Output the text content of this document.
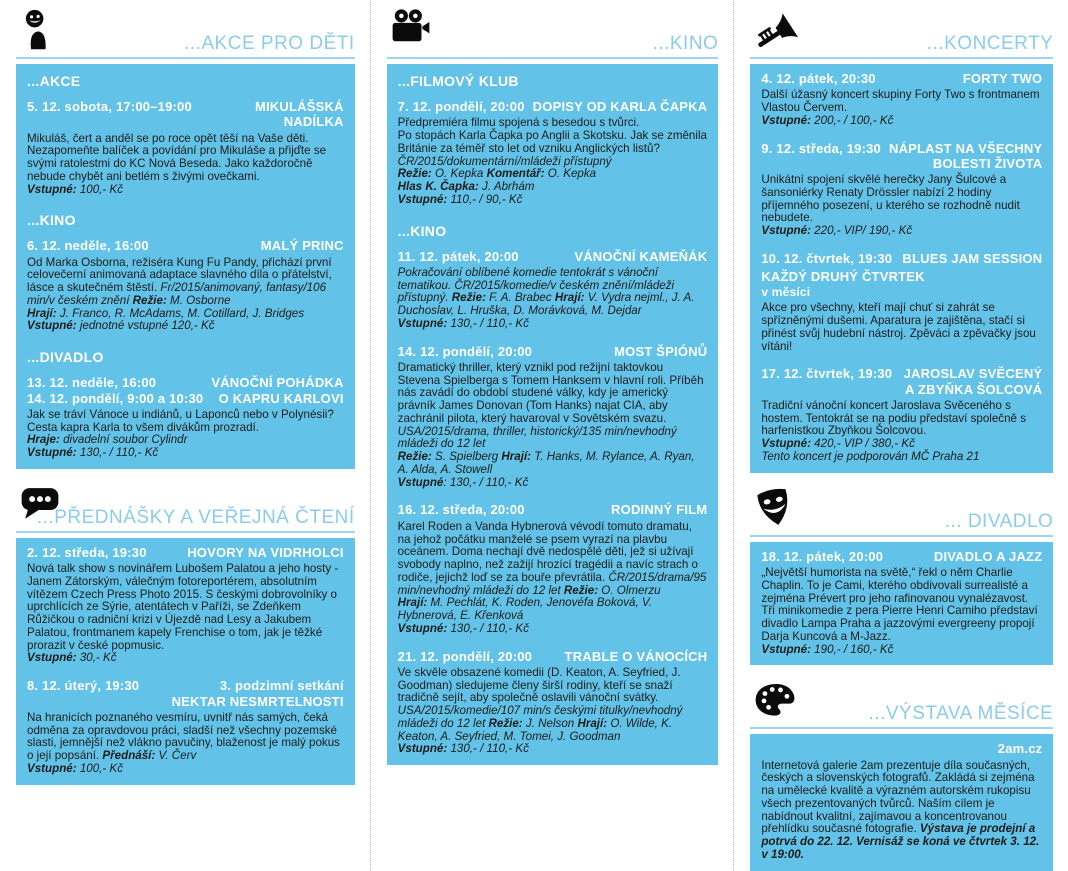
...AKCE PRO DĚTI
...AKCE
5. 12. sobota, 17:00–19:00	MIKULÁŠSKÁ
NADÍLKA

Mikuláš, čert a anděl se po roce opět těší na Vaše děti. Nezapomeňte balíček a povídání pro Mikuláše a přijďte se svými ratolestmi do KC Nová Beseda. Jako každoročně nebude chybět ani betlém s živými ovečkami.

Vstupné: 100,- Kč

...KINO
6. 12. neděle, 16:00	MALÝ PRINC

Od Marka Osborna, režiséra Kung Fu Pandy, přichází první celovečerní animovaná adaptace slavného díla o přátelství, lásce a skutečném štěstí. Fr/2015/animovaný, fantasy/106 min/v českém znění Režie: M. Osborne

Hrají: J. Franco, R. McAdams, M. Cotillard, J. Bridges

Vstupné: jednotné vstupné 120,- Kč

...DIVADLO
13. 12. neděle, 16:00
14. 12. pondělí, 9:00 a 10:30
VÁNOČNÍ POHÁDKA
O KAPRU KARLOVI

Jak se tráví Vánoce u indiánů, u Laponců nebo v Polynésii? Cesta kapra Karla to všem divákům prozradí.

Hraje: divadelní soubor Cylindr

Vstupné: 130,- / 110,- Kč

...PŘEDNÁŠKY A VEŘEJNÁ ČTENÍ
2. 12. středa, 19:30	HOVORY NA VIDRHOLCI

Nová talk show s novinářem Lubošem Palatou a jeho hosty - Janem Zátorským, válečným fotoreportérem, absolutním vítězem Czech Press Photo 2015. S českými dobrovolníky o uprchlících ze Sýrie, atentátech v Paříži, se Zdeňkem Růžičkou o radniční krizi v Újezdě nad Lesy a Jakubem Palatou, frontmanem kapely Frenchise o tom, jak je těžké prorazit v české popmusic.

Vstupné: 30,- Kč

8. 12. úterý, 19:30	3. podzimní setkání
NEKTAR NESMRTELNOSTI

Na hranicích poznaného vesmíru, uvnitř nás samých, čeká odměna za opravdovou práci, sladší než všechny pozemské slasti, jemnější než vlákno pavučiny, blaženost je malý pokus o její popsání. Přednáší: V. Červ

Vstupné: 100,- Kč

...KINO
...FILMOVÝ KLUB
7. 12. pondělí, 20:00 DOPISY OD KARLA ČAPKA

Předpremiéra filmu spojená s besedou s tvůrci.

Po stopách Karla Čapka po Anglii a Skotsku. Jak se změnila Británie za téměř sto let od vzniku Anglických listů?

ČR/2015/dokumentární/mládeži přístupný

Režie: O. Kepka Komentář: O. Kepka

Hlas K. Čapka: J. Abrhám

Vstupné: 110,- / 90,- Kč

...KINO
11. 12. pátek, 20:00	VÁNOČNÍ KAMEŇÁK

Pokračování oblíbené komedie tentokrát s vánoční tematikou. ČR/2015/komedie/v českém znění/mládeži přístupný. Režie: F. A. Brabec Hrají: V. Vydra nejml., J. A. Duchoslav, L. Hruška, D. Morávková, M. Dejdar

Vstupné: 130,- / 110,- Kč

14. 12. pondělí, 20:00	MOST ŠPIÓNŮ

Dramatický thriller, který vznikl pod režijní taktovkou Stevena Spielberga s Tomem Hanksem v hlavní roli. Příběh nás zavádí do období studené války, kdy je americký právník James Donovan (Tom Hanks) najat CIA, aby zachránil pilota, který havaroval v Sovětském svazu. USA/2015/drama, thriller, historický/135 min/nevhodný mládeži do 12 let

Režie: S. Spielberg Hrají: T. Hanks, M. Rylance, A. Ryan, A. Alda, A. Stowell

Vstupné: 130,- / 110,- Kč

16. 12. středa, 20:00	RODINNÝ FILM

Karel Roden a Vanda Hybnerová vévodí tomuto dramatu, na jehož počátku manželé se psem vyrazí na plavbu oceánem. Doma nechají dvě nedospělé děti, jež si užívají svobody naplno, než zažijí hrozící tragédii a navíc strach o rodiče, jejichž loď se za bouře převrátila. ČR/2015/drama/95 min/nevhodný mládeži do 12 let Režie: O. Olmerzu

Hrají: M. Pechlát, K. Roden, Jenovéfa Boková, V. Hybnerová, E. Křenková

Vstupné: 130,- / 110,- Kč

21. 12. pondělí, 20:00 TRABLE O VÁNOCÍCH

Ve skvěle obsazené komedii (D. Keaton, A. Seyfried, J. Goodman) sledujeme členy širší rodiny, kteří se snaží tradičně sejít, aby společně oslavili vánoční svátky. USA/2015/komedie/107 min/s českými titulky/nevhodný mládeži do 12 let Režie: J. Nelson Hrají: O. Wilde, K. Keaton, A. Seyfried, M. Tomei, J. Goodman

Vstupné: 130,- / 110,- Kč

...KONCERTY
4. 12. pátek, 20:30	FORTY TWO

Další úžasný koncert skupiny Forty Two s frontmanem Vlastou Červem.

Vstupné: 200,- / 100,- Kč

9. 12. středa, 19:30 NÁPLAST NA VŠECHNY
BOLESTI ŽIVOTA

Unikátní spojení skvělé herečky Jany Šulcové a šansoniérky Renaty Drössler nabízí 2 hodiny příjemného posezení, u kterého se rozhodně nudit nebudete.

Vstupné: 220,- VIP/ 190,- Kč

10. 12. čtvrtek, 19:30 BLUES JAM SESSION
KAŽDÝ DRUHÝ ČTVRTEK
v měsíci

Akce pro všechny, kteří mají chuť si zahrát se spřízněnými dušemi. Aparatura je zajištěna, stačí si přinést svůj hudební nástroj. Zpěváci a zpěvačky jsou vítáni!

17. 12. čtvrtek, 19:30 JAROSLAV SVĚCENÝ
A ZBYŇKA ŠOLCOVÁ

Tradiční vánoční koncert Jaroslava Svěceného s hostem. Tentokrát se na podiu představí společně s harfenistkou Zbyňkou Šolcovou.

Vstupné: 420,- VIP / 380,- Kč

Tento koncert je podporován MČ Praha 21

... DIVADLO
18. 12. pátek, 20:00	DIVADLO A JAZZ

„Největší humorista na světě,“ řekl o něm Charlie Chaplin. To je Cami, kterého obdivovali surrealisté a zejména Prévert pro jeho rafinovanou vynalézavost. Tři minikomedie z pera Pierre Henri Camiho představí divadlo Lampa Praha a jazzovými evergreeny propojí Darja Kuncová a M-Jazz.

Vstupné: 190,- / 160,- Kč

...VÝSTAVA MĚSÍCE
2am.cz

Internetová galerie 2am prezentuje díla současných, českých a slovenských fotografů. Zakládá si zejména na umělecké kvalitě a výrazném autorském rukopisu všech prezentovaných tvůrců. Naším cílem je nabídnout kvalitní, zajímavou a koncentrovanou přehlídku současné fotografie. Výstava je prodejní a potrvá do 22. 12. Vernisáž se koná ve čtvrtek 3. 12. v 19:00.
